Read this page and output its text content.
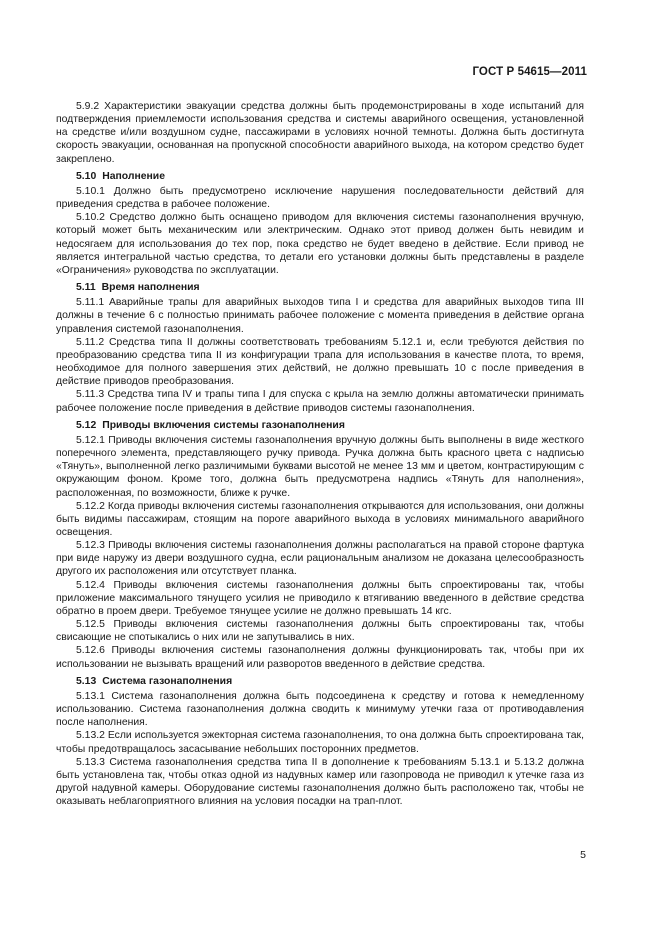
ГОСТ Р 54615—2011

5.9.2 Характеристики эвакуации средства должны быть продемонстрированы в ходе испытаний для подтверждения приемлемости использования средства и системы аварийного освещения, установленной на средстве и/или воздушном судне, пассажирами в условиях ночной темноты. Должна быть достигнута скорость эвакуации, основанная на пропускной способности аварийного выхода, на котором средство будет закреплено.

5.10 Наполнение

5.10.1 Должно быть предусмотрено исключение нарушения последовательности действий для приведения средства в рабочее положение.

5.10.2 Средство должно быть оснащено приводом для включения системы газонаполнения вручную, который может быть механическим или электрическим. Однако этот привод должен быть невидим и недосягаем для использования до тех пор, пока средство не будет введено в действие. Если привод не является интегральной частью средства, то детали его установки должны быть представлены в разделе «Ограничения» руководства по эксплуатации.

5.11 Время наполнения

5.11.1 Аварийные трапы для аварийных выходов типа I и средства для аварийных выходов типа III должны в течение 6 с полностью принимать рабочее положение с момента приведения в действие органа управления системой газонаполнения.

5.11.2 Средства типа II должны соответствовать требованиям 5.12.1 и, если требуются действия по преобразованию средства типа II из конфигурации трапа для использования в качестве плота, то время, необходимое для полного завершения этих действий, не должно превышать 10 с после приведения в действие приводов преобразования.

5.11.3 Средства типа IV и трапы типа I для спуска с крыла на землю должны автоматически принимать рабочее положение после приведения в действие приводов системы газонаполнения.

5.12 Приводы включения системы газонаполнения

5.12.1 Приводы включения системы газонаполнения вручную должны быть выполнены в виде жесткого поперечного элемента, представляющего ручку привода. Ручка должна быть красного цвета с надписью «Тянуть», выполненной легко различимыми буквами высотой не менее 13 мм и цветом, контрастирующим с окружающим фоном. Кроме того, должна быть предусмотрена надпись «Тянуть для наполнения», расположенная, по возможности, ближе к ручке.

5.12.2 Когда приводы включения системы газонаполнения открываются для использования, они должны быть видимы пассажирам, стоящим на пороге аварийного выхода в условиях минимального аварийного освещения.

5.12.3 Приводы включения системы газонаполнения должны располагаться на правой стороне фартука при виде наружу из двери воздушного судна, если рациональным анализом не доказана целесообразность другого их расположения или отсутствует планка.

5.12.4 Приводы включения системы газонаполнения должны быть спроектированы так, чтобы приложение максимального тянущего усилия не приводило к втягиванию введенного в действие средства обратно в проем двери. Требуемое тянущее усилие не должно превышать 14 кгс.

5.12.5 Приводы включения системы газонаполнения должны быть спроектированы так, чтобы свисающие не спотыкались о них или не запутывались в них.

5.12.6 Приводы включения системы газонаполнения должны функционировать так, чтобы при их использовании не вызывать вращений или разворотов введенного в действие средства.

5.13 Система газонаполнения

5.13.1 Система газонаполнения должна быть подсоединена к средству и готова к немедленному использованию. Система газонаполнения должна сводить к минимуму утечки газа от противодавления после наполнения.

5.13.2 Если используется эжекторная система газонаполнения, то она должна быть спроектирована так, чтобы предотвращалось засасывание небольших посторонних предметов.

5.13.3 Система газонаполнения средства типа II в дополнение к требованиям 5.13.1 и 5.13.2 должна быть установлена так, чтобы отказ одной из надувных камер или газопровода не приводил к утечке газа из другой надувной камеры. Оборудование системы газонаполнения должно быть расположено так, чтобы не оказывать неблагоприятного влияния на условия посадки на трап-плот.

5
